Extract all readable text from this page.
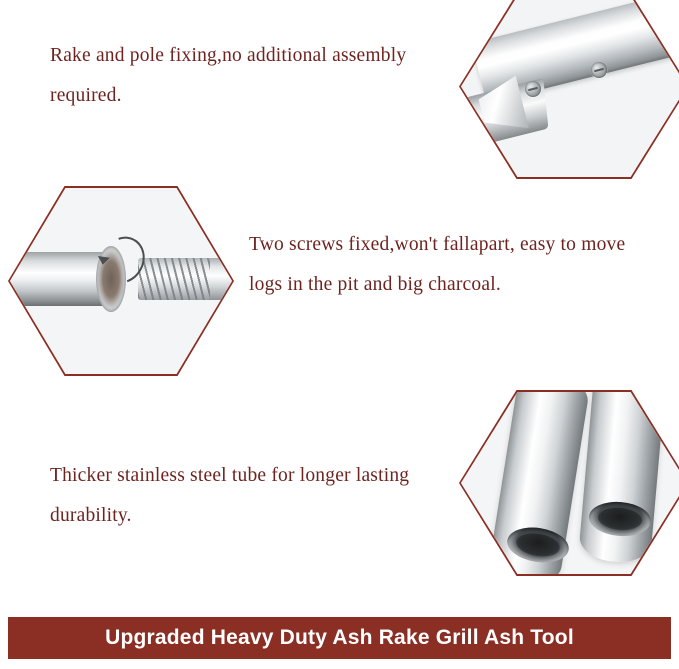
Rake and pole fixing,no additional assembly required.
Two screws fixed,won't fallapart, easy to move logs in the pit and big charcoal.
Thicker stainless steel tube for longer lasting durability.
Upgraded Heavy Duty Ash Rake Grill Ash Tool
